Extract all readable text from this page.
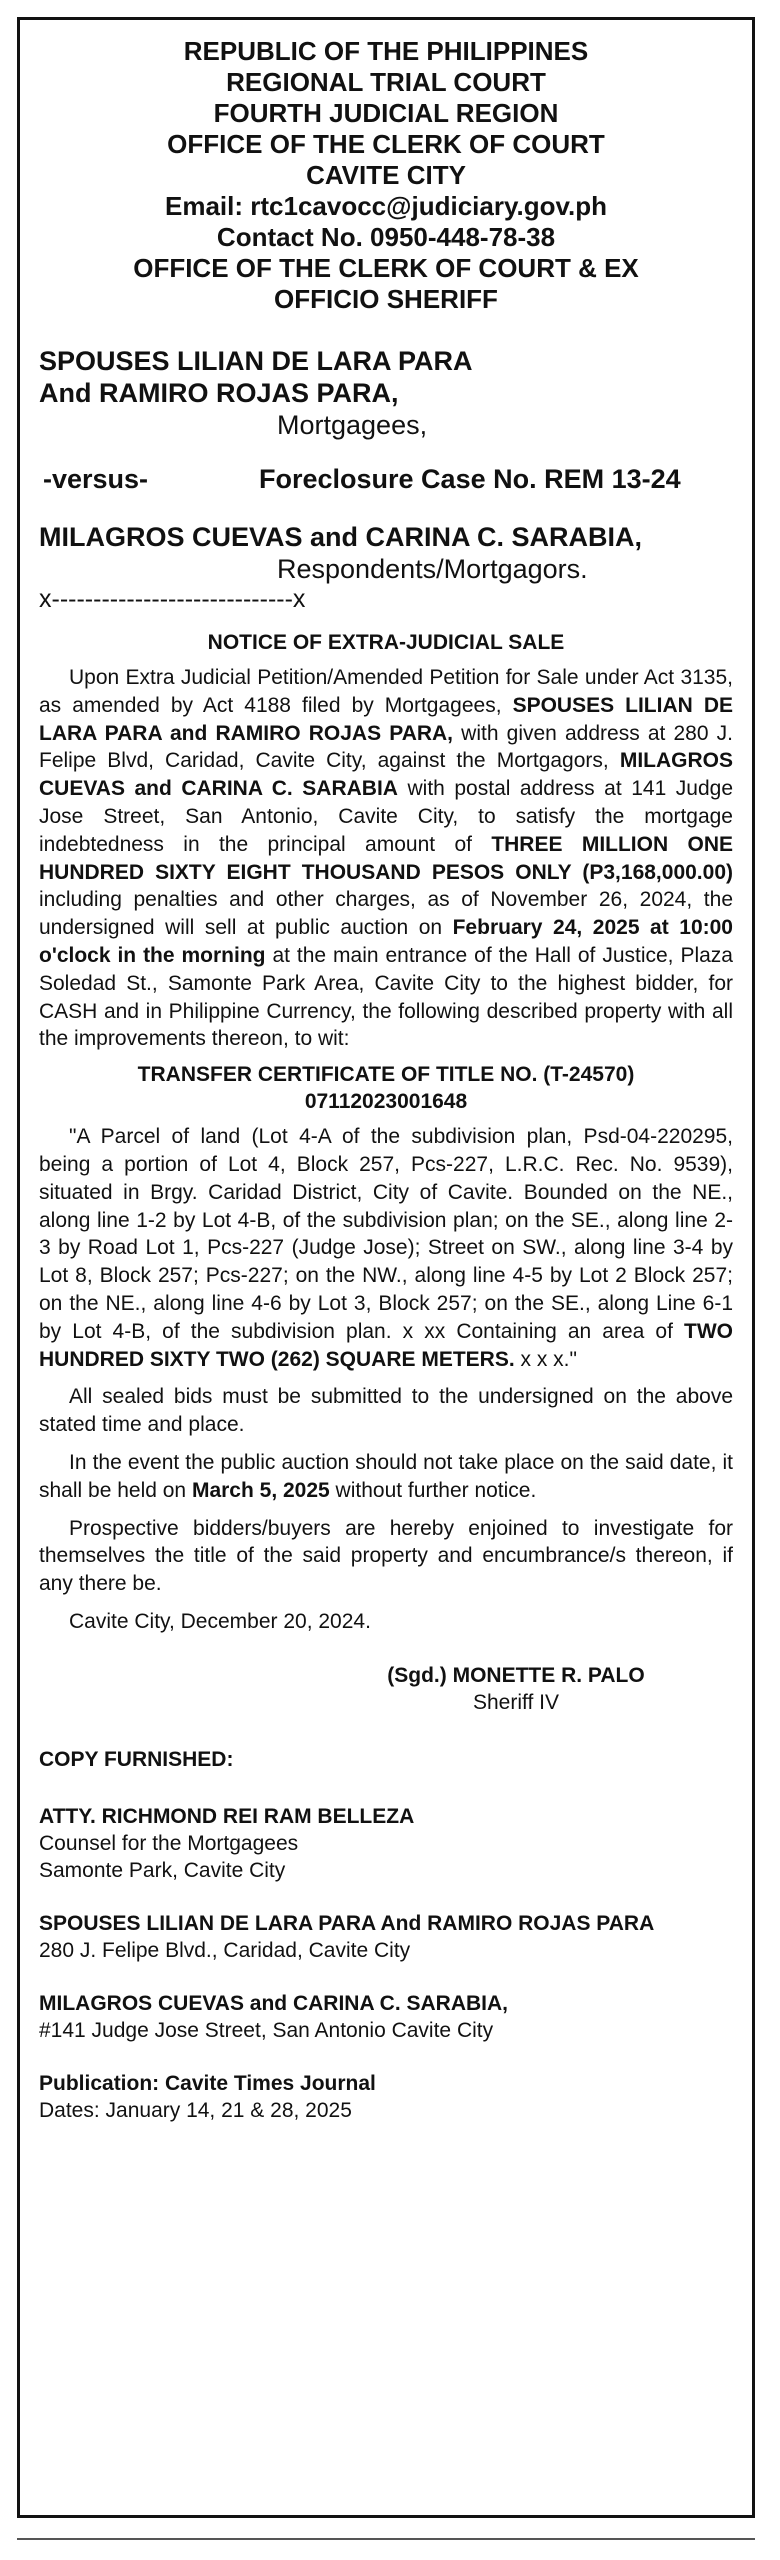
REPUBLIC OF THE PHILIPPINES
REGIONAL TRIAL COURT
FOURTH JUDICIAL REGION
OFFICE OF THE CLERK OF COURT
CAVITE CITY
Email: rtc1cavocc@judiciary.gov.ph
Contact No. 0950-448-78-38
OFFICE OF THE CLERK OF COURT & EX
OFFICIO SHERIFF
SPOUSES LILIAN DE LARA PARA
And RAMIRO ROJAS PARA,
Mortgagees,
-versus-	Foreclosure Case No. REM 13-24
MILAGROS CUEVAS and CARINA C. SARABIA,
Respondents/Mortgagors.
x-----------------------------x
NOTICE OF EXTRA-JUDICIAL SALE

Upon Extra Judicial Petition/Amended Petition for Sale under Act 3135, as amended by Act 4188 filed by Mortgagees, SPOUSES LILIAN DE LARA PARA and RAMIRO ROJAS PARA, with given address at 280 J. Felipe Blvd, Caridad, Cavite City, against the Mortgagors, MILAGROS CUEVAS and CARINA C. SARABIA with postal address at 141 Judge Jose Street, San Antonio, Cavite City, to satisfy the mortgage indebtedness in the principal amount of THREE MILLION ONE HUNDRED SIXTY EIGHT THOUSAND PESOS ONLY (P3,168,000.00) including penalties and other charges, as of November 26, 2024, the undersigned will sell at public auction on February 24, 2025 at 10:00 o'clock in the morning at the main entrance of the Hall of Justice, Plaza Soledad St., Samonte Park Area, Cavite City to the highest bidder, for CASH and in Philippine Currency, the following described property with all the improvements thereon, to wit:

TRANSFER CERTIFICATE OF TITLE NO. (T-24570)
07112023001648

"A Parcel of land (Lot 4-A of the subdivision plan, Psd-04-220295, being a portion of Lot 4, Block 257, Pcs-227, L.R.C. Rec. No. 9539), situated in Brgy. Caridad District, City of Cavite. Bounded on the NE., along line 1-2 by Lot 4-B, of the subdivision plan; on the SE., along line 2-3 by Road Lot 1, Pcs-227 (Judge Jose); Street on SW., along line 3-4 by Lot 8, Block 257; Pcs-227; on the NW., along line 4-5 by Lot 2 Block 257; on the NE., along line 4-6 by Lot 3, Block 257; on the SE., along Line 6-1 by Lot 4-B, of the subdivision plan. x xx Containing an area of TWO HUNDRED SIXTY TWO (262) SQUARE METERS. x x x."

All sealed bids must be submitted to the undersigned on the above stated time and place.

In the event the public auction should not take place on the said date, it shall be held on March 5, 2025 without further notice.

Prospective bidders/buyers are hereby enjoined to investigate for themselves the title of the said property and encumbrance/s thereon, if any there be.

Cavite City, December 20, 2024.

(Sgd.) MONETTE R. PALO
Sheriff IV
COPY FURNISHED:
ATTY. RICHMOND REI RAM BELLEZA
Counsel for the Mortgagees
Samonte Park, Cavite City
SPOUSES LILIAN DE LARA PARA And RAMIRO ROJAS PARA
280 J. Felipe Blvd., Caridad, Cavite City
MILAGROS CUEVAS and CARINA C. SARABIA,
#141 Judge Jose Street, San Antonio Cavite City
Publication: Cavite Times Journal
Dates: January 14, 21 & 28, 2025
